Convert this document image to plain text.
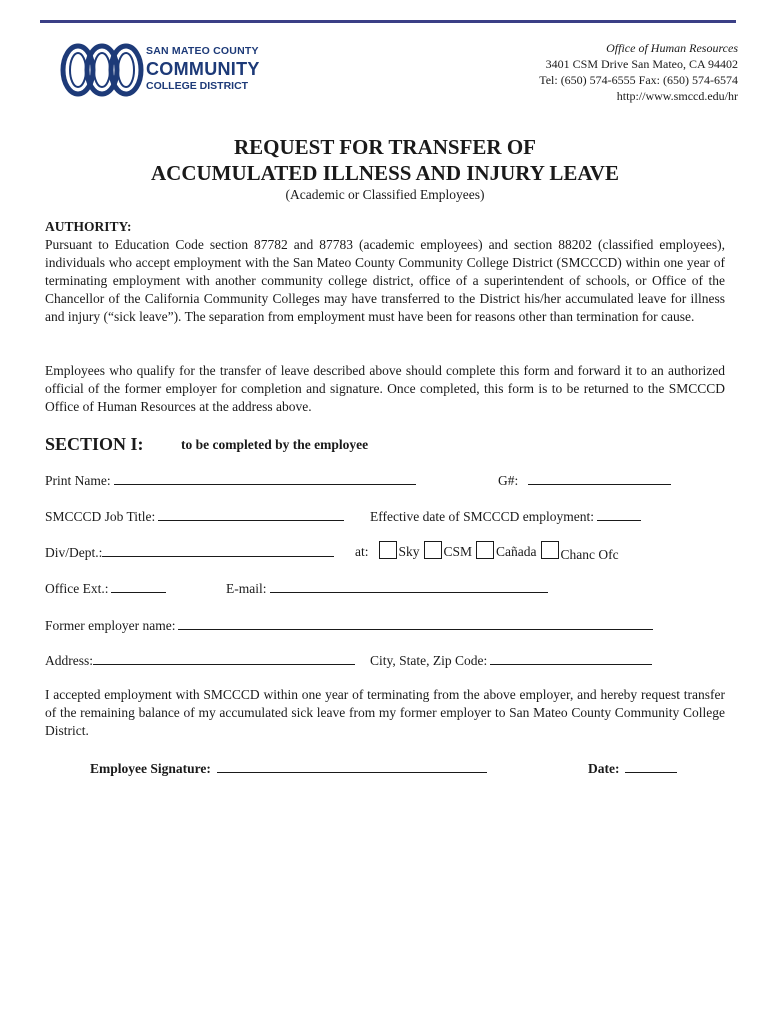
SAN MATEO COUNTY
COMMUNITY
COLLEGE DISTRICT
Office of Human Resources
3401 CSM Drive San Mateo, CA 94402
Tel: (650) 574-6555 Fax: (650) 574-6574
http://www.smccd.edu/hr
REQUEST FOR TRANSFER OF
ACCUMULATED ILLNESS AND INJURY LEAVE
(Academic or Classified Employees)
AUTHORITY:
Pursuant to Education Code section 87782 and 87783 (academic employees) and section 88202 (classified employees), individuals who accept employment with the San Mateo County Community College District (SMCCCD) within one year of terminating employment with another community college district, office of a superintendent of schools, or Office of the Chancellor of the California Community Colleges may have transferred to the District his/her accumulated leave for illness and injury (“sick leave”). The separation from employment must have been for reasons other than termination for cause.
Employees who qualify for the transfer of leave described above should complete this form and forward it to an authorized official of the former employer for completion and signature. Once completed, this form is to be returned to the SMCCCD Office of Human Resources at the address above.
SECTION I:	to be completed by the employee
Print Name:	G#:
SMCCCD Job Title:	Effective date of SMCCCD employment:
Div/Dept.:	at: Sky CSM Cañada Chanc Ofc
Office Ext.:	E-mail:
Former employer name:
Address:	City, State, Zip Code:
I accepted employment with SMCCCD within one year of terminating from the above employer, and hereby request transfer of the remaining balance of my accumulated sick leave from my former employer to San Mateo County Community College District.
Employee Signature:	Date:
